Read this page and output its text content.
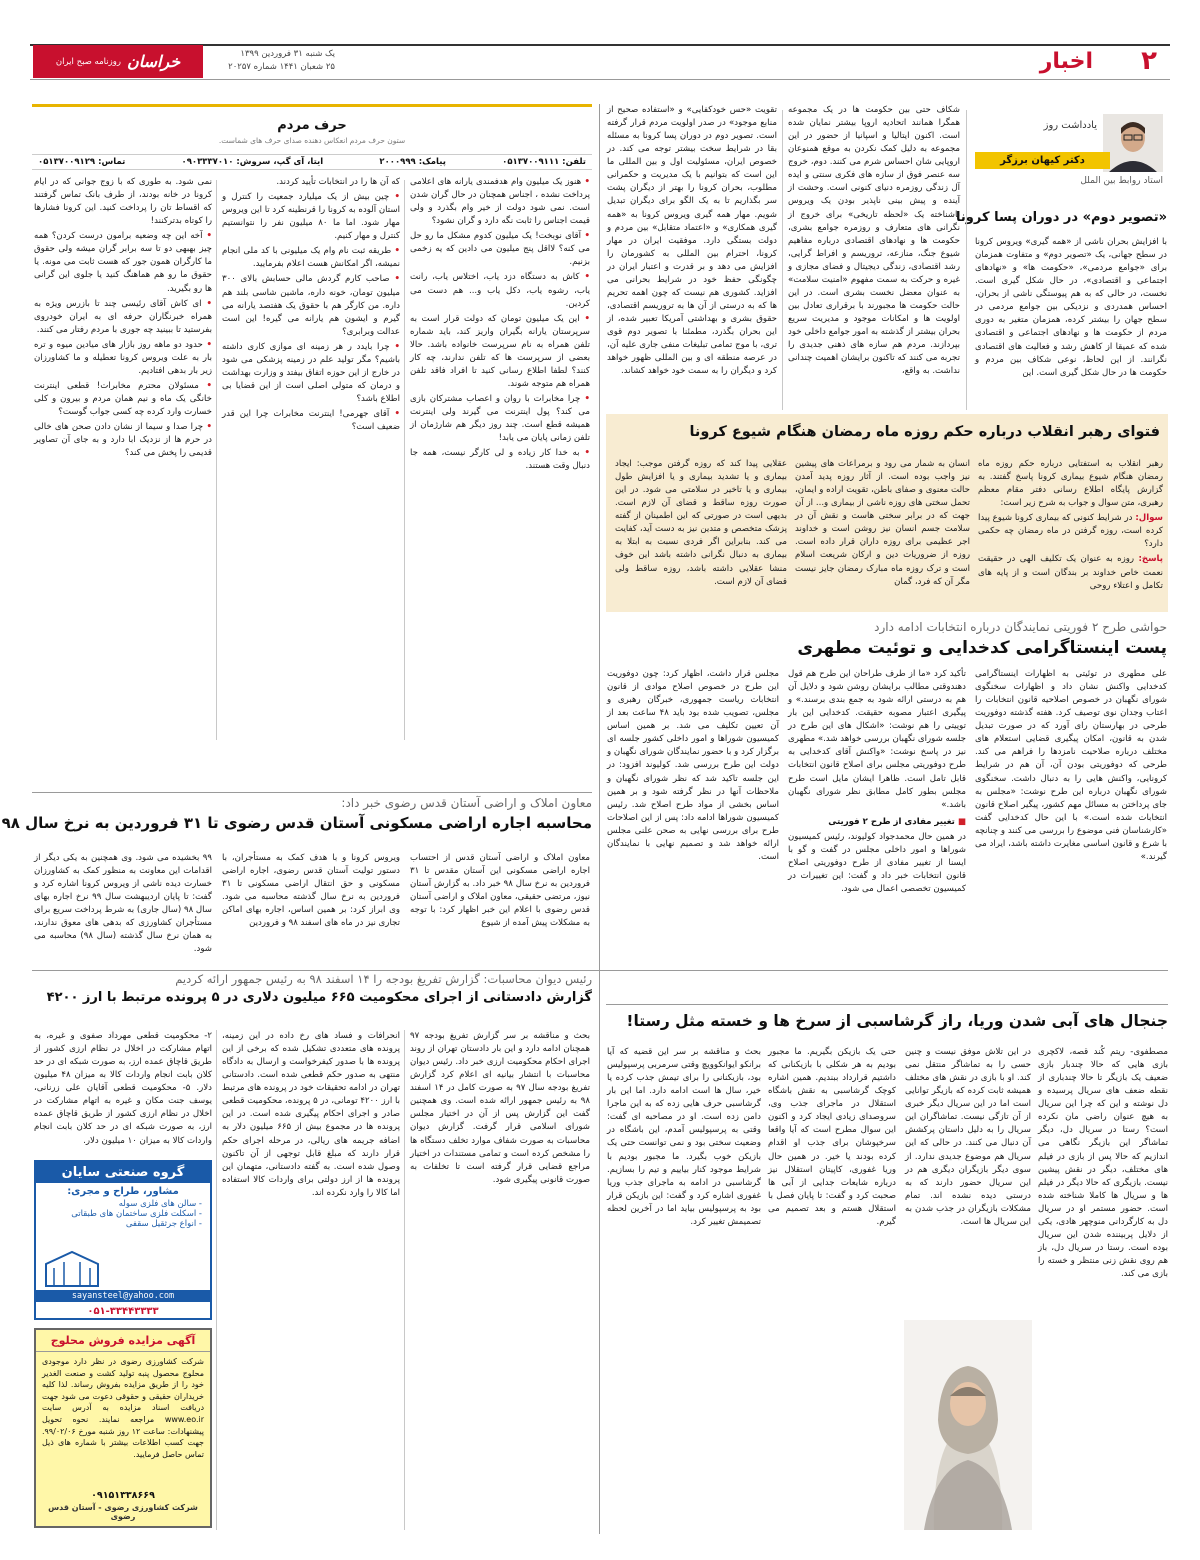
۲
اخبار
یک شنبه ۳۱ فروردین ۱۳۹۹
۲۵ شعبان ۱۴۴۱ شماره ۲۰۲۵۷
خراسان
روزنامه صبح ایران
یادداشت روز
دکتر کیهان برزگر
استاد روابط بین الملل
«تصویر دوم» در دوران پسا کرونا
با افزایش بحران ناشی از «همه گیری» ویروس کرونا در سطح جهانی، یک «تصویر دوم» و متفاوت همزمان برای «جوامع مردمی»، «حکومت ها» و «نهادهای اجتماعی و اقتصادی»، در حال شکل گیری است. نخست، در حالی که به هم پیوستگی ناشی از بحران، احساس همدردی و نزدیکی بین جوامع مردمی در سطح جهان را بیشتر کرده، همزمان متغیر به دوری مردم از حکومت ها و نهادهای اجتماعی و اقتصادی شده که عمیقا از کاهش رشد و فعالیت های اقتصادی نگرانند. از این لحاظ، نوعی شکاف بین مردم و حکومت ها در حال شکل گیری است. این
شکاف حتی بین حکومت ها در یک مجموعه همگرا همانند اتحادیه اروپا بیشتر نمایان شده است. اکنون ایتالیا و اسپانیا از حضور در این مجموعه به دلیل کمک نکردن به موقع همنوعان اروپایی شان احساس شرم می کنند. دوم، خروج سه عنصر فوق از سازه های فکری سنتی و ایده آل زندگی روزمره دنیای کنونی است. وحشت از آینده و پیش بینی ناپذیر بودن یک ویروس ناشناخته یک «لحظه تاریخی» برای خروج از نگرانی های متعارف و روزمره جوامع بشری، حکومت ها و نهادهای اقتصادی درباره مفاهیم شیوع جنگ، منازعه، تروریسم و افراط گرایی، رشد اقتصادی، زندگی دیجیتال و فضای مجازی و غیره و حرکت به سمت مفهوم «امنیت سلامت» به عنوان معضل نخست بشری است. در این حالت حکومت ها مجبورند با برقراری تعادل بین اولویت ها و امکانات موجود و مدیریت سریع بحران بیشتر از گذشته به امور جوامع داخلی خود بپردازند. مردم هم سازه های ذهنی جدیدی را تجربه می کنند که تاکنون برایشان اهمیت چندانی نداشت. به واقع،
تقویت «حس خودکفایی» و «استفاده صحیح از منابع موجود» در صدر اولویت مردم قرار گرفته است. تصویر دوم در دوران پسا کرونا به مسئله بقا در شرایط سخت بیشتر توجه می کند. در خصوص ایران، مسئولیت اول و بین المللی ما این است که بتوانیم با یک مدیریت و حکمرانی مطلوب، بحران کرونا را بهتر از دیگران پشت سر بگذاریم تا به یک الگو برای دیگران تبدیل شویم. مهار همه گیری ویروس کرونا به «همه گیری همکاری» و «اعتماد متقابل» بین مردم و دولت بستگی دارد. موفقیت ایران در مهار کرونا، احترام بین المللی به کشورمان را افزایش می دهد و بر قدرت و اعتبار ایران در چگونگی حفظ خود در شرایط بحرانی می افزاید. کشوری هم نیست که چون اهمه تحریم ها که به درستی از آن ها به تروریسم اقتصادی، حقوق بشری و بهداشتی آمریکا تعبیر شده، از این بحران بگذرد، مطمئنا با تصویر دوم قوی تری، با موج تمامی تبلیغات منفی جاری علیه آن، در عرصه منطقه ای و بین المللی ظهور خواهد کرد و دیگران را به سمت خود خواهد کشاند.
فتوای رهبر انقلاب درباره حکم روزه ماه رمضان هنگام شیوع کرونا

رهبر انقلاب به استفتایی درباره حکم روزه ماه رمضان هنگام شیوع بیماری کرونا پاسخ گفتند. به گزارش پایگاه اطلاع رسانی دفتر مقام معظم رهبری، متن سوال و جواب به شرح زیر است:

سوال: در شرایط کنونی که بیماری کرونا شیوع پیدا کرده است، روزه گرفتن در ماه رمضان چه حکمی دارد؟

پاسخ: روزه به عنوان یک تکلیف الهی در حقیقت نعمت خاص خداوند بر بندگان است و از پایه های تکامل و اعتلاء روحی

انسان به شمار می رود و برمراعات های پیشین نیز واجب بوده است. از آثار روزه پدید آمدن حالت معنوی و صفای باطن، تقویت اراده و ایمان، تحمل سختی های روزه ناشی از بیماری و... از آن جهت که در برابر سختی هاست و نقش آن در سلامت جسم انسان نیز روشن است و خداوند اجر عظیمی برای روزه داران قرار داده است. روزه از ضروریات دین و ارکان شریعت اسلام است و ترک روزه ماه مبارک رمضان جایز نیست مگر آن که فرد، گمان
عقلایی پیدا کند که روزه گرفتن موجب: ایجاد بیماری و یا تشدید بیماری و یا افزایش طول بیماری و یا تاخیر در سلامتی می شود. در این صورت روزه ساقط و قضای آن لازم است. بدیهی است در صورتی که این اطمینان از گفته پزشک متخصص و متدین نیز به دست آید، کفایت می کند. بنابراین اگر فردی نسبت به ابتلا به بیماری به دنبال نگرانی داشته باشد این خوف منشا عقلایی داشته باشد، روزه ساقط ولی قضای آن لازم است.
حواشی طرح ۲ فوریتی نمایندگان درباره انتخابات ادامه دارد
پست اینستاگرامی کدخدایی و توئیت مطهری
علی مطهری در توئیتی به اظهارات اینستاگرامی کدخدایی واکنش نشان داد و اظهارات سخنگوی شورای نگهبان در خصوص اصلاحیه قانون انتخابات را اعتاب وجدان نوی توصیف کرد. هفته گذشته دوفوریت طرحی در بهارستان رای آورد که در صورت تبدیل شدن به قانون، امکان پیگیری قضایی استعلام های مختلف درباره صلاحیت نامزدها را فراهم می کند. طرحی که دوفوریتی بودن آن، آن هم در شرایط کرونایی، واکنش هایی را به دنبال داشت. سخنگوی شورای نگهبان درباره این طرح نوشت: «مجلس به جای پرداختن به مسائل مهم کشور، پیگیر اصلاح قانون انتخابات شده است.» با این حال کدخدایی گفت «کارشناسان فنی موضوع را بررسی می کنند و چنانچه با شرع و قانون اساسی مغایرت داشته باشد، ایراد می گیرند.»

تأکید کرد «ما از طرف طراحان این طرح هم قول دهندوقتی مطالب برایشان روشن شود و دلایل آن هم به درستی ارائه شود به جمع بندی برسند.» و پیگیری اعتبار مصوبه حقیقت. کدخدایی این بار توییتی را هم نوشت: «اشکال های این طرح در جلسه شورای نگهبان بررسی خواهد شد.» مطهری نیز در پاسخ نوشت: «واکنش آقای کدخدایی به طرح دوفوریتی مجلس برای اصلاح قانون انتخابات قابل تامل است. ظاهرا ایشان مایل است طرح مجلس بطور کامل مطابق نظر شورای نگهبان باشد.»

■ تغییر مفادی از طرح ۲ فوریتی

در همین حال محمدجواد کولیوند، رئیس کمیسیون شوراها و امور داخلی مجلس در گفت و گو با ایسنا از تغییر مفادی از طرح دوفوریتی اصلاح قانون انتخابات خبر داد و گفت: این تغییرات در کمیسیون تخصصی اعمال می شود.

مجلس قرار داشت، اظهار کرد: چون دوفوریت این طرح در خصوص اصلاح موادی از قانون انتخابات ریاست جمهوری، خبرگان رهبری و مجلس، تصویب شده بود باید ۴۸ ساعت بعد از آن تعیین تکلیف می شد. بر همین اساس کمیسیون شوراها و امور داخلی کشور جلسه ای برگزار کرد و با حضور نمایندگان شورای نگهبان و دولت این طرح بررسی شد. کولیوند افزود: در این جلسه تاکید شد که نظر شورای نگهبان و ملاحظات آنها در نظر گرفته شود و بر همین اساس بخشی از مواد طرح اصلاح شد. رئیس کمیسیون شوراها ادامه داد: پس از این اصلاحات طرح برای بررسی نهایی به صحن علنی مجلس ارائه خواهد شد و تصمیم نهایی با نمایندگان است.
حرف مردم
ستون حرف مردم انعکاس دهنده صدای حرف های شماست.
تلفن: ۰۵۱۳۷۰۰۹۱۱۱
پیامک: ۲۰۰۰۹۹۹
ایتا، آی گپ، سروش: ۰۹۰۳۳۳۷۰۱۰
تماس: ۰۵۱۳۷۰۰۹۱۲۹

• هنوز یک میلیون وام هدفمندی یارانه های اعلامی پرداخت نشده ، اجناس همچنان در حال گران شدن است. نمی شود دولت از خیر وام بگذرد و ولی قیمت اجناس را ثابت نگه دارد و گران نشود؟

• آقای نوبخت! یک میلیون کدوم مشکل ما رو حل می کنه؟ لااقل پنج میلیون می دادین که یه زخمی بزنیم.

• کاش به دستگاه دزد یاب، اختلاس یاب، رانت یاب، رشوه یاب، دکل یاب و... هم دست می کردین.

• این یک میلیون تومان که دولت قرار است به سرپرستان یارانه بگیران واریز کند، باید شماره تلفن همراه به نام سرپرست خانواده باشد. حالا بعضی از سرپرست ها که تلفن ندارند، چه کار کنند؟ لطفا اطلاع رسانی کنید تا افراد فاقد تلفن همراه هم متوجه شوند.

• چرا مخابرات با روان و اعصاب مشترکان بازی می کند؟ پول اینترنت می گیرند ولی اینترنت همیشه قطع است. چند روز دیگر هم شارژمان از تلفن زمانی پایان می یابد!

• به خدا کار زیاده و لی کارگر نیست، همه جا دنبال وقت هستند.

که آن ها را در انتخابات تأیید کردند.

• چین بیش از یک میلیارد جمعیت را کنترل و استان آلوده به کرونا را قرنطینه کرد تا این ویروس مهار شود. اما ما ۸۰ میلیون نفر را نتوانستیم کنترل و مهار کنیم.

• طریقه ثبت نام وام یک میلیونی با کد ملی انجام نمیشه، اگر امکانش هست اعلام بفرمایید.

• صاحب کارم گردش مالی حسابش بالای ۳۰۰ میلیون تومان، خونه داره، ماشین شاسی بلند هم داره. من کارگر هم با حقوق یک هفتصد یارانه می گیرم و ایشون هم یارانه می گیره! این است عدالت وبرابری؟

• چرا بایدد ر هر زمینه ای موازی کاری داشته باشیم؟ مگر تولید علم در زمینه پزشکی می شود در خارج از این حوزه اتفاق بیفتد و وزارت بهداشت و درمان که متولی اصلی است از این قضایا بی اطلاع باشد؟

• آقای جهرمی! اینترنت مخابرات چرا این قدر ضعیف است؟

نمی شود. به طوری که با زوج جوانی که در ایام کرونا در خانه بودند، از طرف بانک تماس گرفتند که اقساط تان را پرداخت کنید. این کرونا فشارها را کوتاه بدترکنند!

• آخه این چه وضعیه برامون درست کردن؟ همه چیز بهبهی دو تا سه برابر گران میشه ولی حقوق ما کارگران همون جور که هست ثابت می مونه. یا حقوق ما رو هم هماهنگ کنید یا جلوی این گرانی ها رو بگیرید.

• ای کاش آقای رئیسی چند تا بازرس ویژه به همراه خبرنگاران حرفه ای به ایران خودروی بفرستید تا ببینید چه جوری با مردم رفتار می کنند.

• حدود دو ماهه روز بازار های میادین میوه و تره بار به علت ویروس کرونا تعطیله و ما کشاورزان زیر بار بدهی افتادیم.

• مسئولان محترم مخابرات! قطعی اینترنت خانگی یک ماه و نیم همان مردم و بیرون و کلی خسارت وارد کرده چه کسی جواب گوست؟

• چرا صدا و سیما از نشان دادن صحن های خالی در حرم ها از نزدیک ابا دارد و به جای آن تصاویر قدیمی را پخش می کند؟

معاون املاک و اراضی آستان قدس رضوی خبر داد:
محاسبه اجاره اراضی مسکونی آستان قدس رضوی تا ۳۱ فروردین به نرخ سال ۹۸
معاون املاک و اراضی آستان قدس از احتساب اجاره اراضی مسکونی این آستان مقدس تا ۳۱ فروردین به نرخ سال ۹۸ خبر داد. به گزارش آستان نیوز، مرتضی حقیقی، معاون املاک و اراضی آستان قدس رضوی با اعلام این خبر اظهار کرد: با توجه به مشکلات پیش آمده از شیوع
ویروس کرونا و با هدف کمک به مستأجران، با دستور تولیت آستان قدس رضوی، اجاره اراضی مسکونی و حق انتقال اراضی مسکونی تا ۳۱ فروردین به نرخ سال گذشته محاسبه می شود. وی ابراز کرد: بر همین اساس، اجاره بهای اماکن تجاری نیز در ماه های اسفند ۹۸ و فروردین
۹۹ بخشیده می شود. وی همچنین به یکی دیگر از اقدامات این معاونت به منظور کمک به کشاورزان خسارت دیده ناشی از ویروس کرونا اشاره کرد و گفت: تا پایان اردیبهشت سال ۹۹ نرخ اجاره بهای سال ۹۸ (سال جاری) به شرط پرداخت سریع برای مستأجران کشاورزی که بدهی های معوق ندارند، به همان نرخ سال گذشته (سال ۹۸) محاسبه می شود.
رئیس دیوان محاسبات: گزارش تفریغ بودجه را ۱۴ اسفند ۹۸ به رئیس جمهور ارائه کردیم
گزارش دادستانی از اجرای محکومیت ۶۶۵ میلیون دلاری در ۵ پرونده مرتبط با ارز ۴۲۰۰
بحث و مناقشه بر سر گزارش تفریغ بودجه ۹۷ همچنان ادامه دارد و این بار دادستان تهران از روند اجرای احکام محکومیت ارزی خبر داد. رئیس دیوان محاسبات با انتشار بیانیه ای اعلام کرد گزارش تفریغ بودجه سال ۹۷ به صورت کامل در ۱۴ اسفند ۹۸ به رئیس جمهور ارائه شده است. وی همچنین گفت این گزارش پس از آن در اختیار مجلس شورای اسلامی قرار گرفت. گزارش دیوان محاسبات به صورت شفاف موارد تخلف دستگاه ها را مشخص کرده است و تمامی مستندات در اختیار مراجع قضایی قرار گرفته است تا تخلفات به صورت قانونی پیگیری شود.
انحرافات و فساد های رخ داده در این زمینه، پرونده های متعددی تشکیل شده که برخی از این پرونده ها با صدور کیفرخواست و ارسال به دادگاه منتهی به صدور حکم قطعی شده است. دادستانی تهران در ادامه تحقیقات خود در پرونده های مرتبط با ارز ۴۲۰۰ تومانی، در ۵ پرونده، محکومیت قطعی صادر و اجرای احکام پیگیری شده است. در این پرونده ها در مجموع بیش از ۶۶۵ میلیون دلار به اضافه جریمه های ریالی، در مرحله اجرای حکم قرار دارند که مبلغ قابل توجهی از آن تاکنون وصول شده است. به گفته دادستانی، متهمان این پرونده ها از ارز دولتی برای واردات کالا استفاده اما کالا را وارد نکرده اند.
۲- محکومیت قطعی مهرداد صفوی و غیره، به اتهام مشارکت در اخلال در نظام ارزی کشور از طریق قاچاق عمده ارز، به صورت شبکه ای در حد کلان بابت انجام واردات کالا به میزان ۴۸ میلیون دلار. ۵- محکومیت قطعی آقایان علی زرنانی، یوسف جنت مکان و غیره به اتهام مشارکت در اخلال در نظام ارزی کشور از طریق قاچاق عمده ارز، به صورت شبکه ای در حد کلان بابت انجام واردات کالا به میزان ۱۰ میلیون دلار.
گروه صنعتی سایان
مشاور، طراح و مجری:
- سالن های فلزی سوله
- اسکلت فلزی ساختمان های طبقاتی
- انواع جرثقیل سقفی
sayansteel@yahoo.com
۰۵۱-۳۳۴۴۳۳۳۳
آگهی مزایده فروش محلوج
شرکت کشاورزی رضوی در نظر دارد موجودی محلوج محصول پنبه تولید کشت و صنعت الغدیر خود را از طریق مزایده بفروش رساند. لذا کلیه خریداران حقیقی و حقوقی دعوت می شود جهت دریافت اسناد مزایده به آدرس سایت www.eo.ir مراجعه نمایند. نحوه تحویل پیشنهادات: ساعت ۱۲ روز شنبه مورخ ۹۹/۰۲/۰۶. جهت کسب اطلاعات بیشتر با شماره های ذیل تماس حاصل فرمایید.
۰۹۱۵۱۳۳۸۶۶۹
شرکت کشاورزی رضوی - آستان قدس رضوی
جنجال های آبی شدن وریا، راز گرشاسبی از سرخ ها و خسته مثل رستا!
مصطفوی- ریتم کُند قصه، لاکچری بازی هایی که حالا چندبار بازی ضعیف یک بازیگر تا حالا چندباری از نقطه ضعف های سریال پرسیده و دل نوشته و این که چرا این سریال به هیچ عنوان راضی مان نکرده است؟ رستا در سریال دل، دیگر تماشاگر این بازیگر نگاهی می اندازیم که حالا پس از بازی در فیلم های مختلف، دیگر در نقش پیشین نیست. بازیگری که حالا دیگر در فیلم ها و سریال ها کاملا شناخته شده است. حضور مستمر او در سریال دل به کارگردانی منوچهر هادی، یکی از دلایل پربیننده شدن این سریال بوده است. رستا در سریال دل، باز هم روی نقش زنی منتظر و خسته را بازی می کند.
در این تلاش موفق نیست و چنین حسی را به تماشاگر منتقل نمی کند. او با بازی در نقش های مختلف همیشه ثابت کرده که بازیگر توانایی است اما در این سریال دیگر خبری از آن تازگی نیست. تماشاگران این سریال را به دلیل داستان پرکشش آن دنبال می کنند. در حالی که این سریال هم موضوع جدیدی ندارد. از سوی دیگر بازیگران دیگری هم در این سریال حضور دارند که به درستی دیده نشده اند. تمام مشکلات بازیگران در جذب شدن به این سریال ها است.
حتی یک بازیکن بگیریم. ما مجبور بودیم به هر شکلی با بازیکنانی که داشتیم قرارداد ببندیم. همین اشاره کوچک گرشاسبی به نقش باشگاه استقلال در ماجرای جذب وی، سروصدای زیادی ایجاد کرد و اکنون این سوال مطرح است که آیا واقعا سرخپوشان برای جذب او اقدام کرده بودند یا خیر. در همین حال وریا غفوری، کاپیتان استقلال نیز درباره شایعات جدایی از آبی ها صحبت کرد و گفت: تا پایان فصل با استقلال هستم و بعد تصمیم می گیرم.
بحث و مناقشه بر سر این قضیه که آیا برانکو ایوانکوویچ وقتی سرمربی پرسپولیس بود، بازیکنانی را برای تیمش جذب کرده یا خیر، سال ها است ادامه دارد. اما این بار گرشاسبی حرف هایی زده که به این ماجرا دامن زده است. او در مصاحبه ای گفت: وقتی به پرسپولیس آمدم، این باشگاه در وضعیت سختی بود و نمی توانست حتی یک بازیکن خوب بگیرد. ما مجبور بودیم با شرایط موجود کنار بیاییم و تیم را بسازیم. گرشاسبی در ادامه به ماجرای جذب وریا غفوری اشاره کرد و گفت: این بازیکن قرار بود به پرسپولیس بیاید اما در آخرین لحظه تصمیمش تغییر کرد.
